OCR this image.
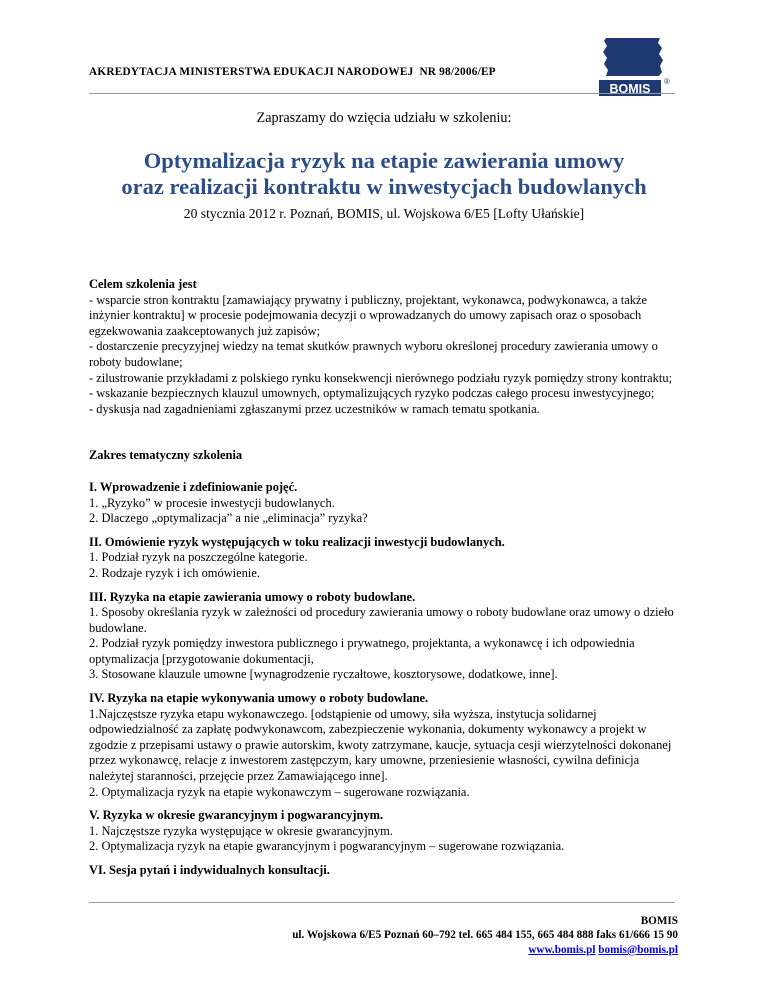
AKREDYTACJA MINISTERSTWA EDUKACJI NARODOWEJ NR 98/2006/EP
BOMIS
®
Zapraszamy do wzięcia udziału w szkoleniu:
Optymalizacja ryzyk na etapie zawierania umowy
oraz realizacji kontraktu w inwestycjach budowlanych
20 stycznia 2012 r. Poznań, BOMIS, ul. Wojskowa 6/E5 [Lofty Ułańskie]

Celem szkolenia jest

- wsparcie stron kontraktu [zamawiający prywatny i publiczny, projektant, wykonawca, podwykonawca, a także inżynier kontraktu] w procesie podejmowania decyzji o wprowadzanych do umowy zapisach oraz o sposobach egzekwowania zaakceptowanych już zapisów;

- dostarczenie precyzyjnej wiedzy na temat skutków prawnych wyboru określonej procedury zawierania umowy o roboty budowlane;

- zilustrowanie przykładami z polskiego rynku konsekwencji nierównego podziału ryzyk pomiędzy strony kontraktu;

- wskazanie bezpiecznych klauzul umownych, optymalizujących ryzyko podczas całego procesu inwestycyjnego;

- dyskusja nad zagadnieniami zgłaszanymi przez uczestników w ramach tematu spotkania.

Zakres tematyczny szkolenia

I. Wprowadzenie i zdefiniowanie pojęć.

1. „Ryzyko” w procesie inwestycji budowlanych.

2. Dlaczego „optymalizacja” a nie „eliminacja” ryzyka?

II. Omówienie ryzyk występujących w toku realizacji inwestycji budowlanych.

1. Podział ryzyk na poszczególne kategorie.

2. Rodzaje ryzyk i ich omówienie.

III. Ryzyka na etapie zawierania umowy o roboty budowlane.

1. Sposoby określania ryzyk w zależności od procedury zawierania umowy o roboty budowlane oraz umowy o dzieło budowlane.

2. Podział ryzyk pomiędzy inwestora publicznego i prywatnego, projektanta, a wykonawcę i ich odpowiednia optymalizacja [przygotowanie dokumentacji,

3. Stosowane klauzule umowne [wynagrodzenie ryczałtowe, kosztorysowe, dodatkowe, inne].

IV. Ryzyka na etapie wykonywania umowy o roboty budowlane.

1.Najczęstsze ryzyka etapu wykonawczego. [odstąpienie od umowy, siła wyższa, instytucja solidarnej odpowiedzialność za zapłatę podwykonawcom, zabezpieczenie wykonania, dokumenty wykonawcy a projekt w zgodzie z przepisami ustawy o prawie autorskim, kwoty zatrzymane, kaucje, sytuacja cesji wierzytelności dokonanej przez wykonawcę, relacje z inwestorem zastępczym, kary umowne, przeniesienie własności, cywilna definicja należytej staranności, przejęcie przez Zamawiającego inne].

2. Optymalizacja ryzyk na etapie wykonawczym – sugerowane rozwiązania.

V. Ryzyka w okresie gwarancyjnym i pogwarancyjnym.

1. Najczęstsze ryzyka występujące w okresie gwarancyjnym.

2. Optymalizacja ryzyk na etapie gwarancyjnym i pogwarancyjnym – sugerowane rozwiązania.

VI. Sesja pytań i indywidualnych konsultacji.

BOMIS
ul. Wojskowa 6/E5 Poznań 60–792 tel. 665 484 155, 665 484 888 faks 61/666 15 90
www.bomis.pl bomis@bomis.pl
